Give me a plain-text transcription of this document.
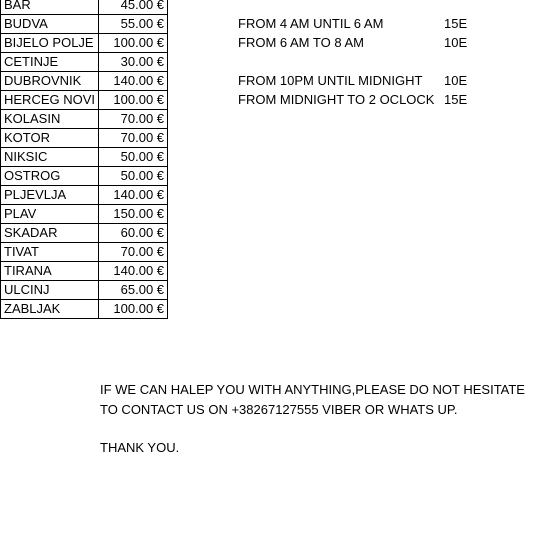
BAR	45.00 €
BUDVA	55.00 €
BIJELO POLJE	100.00 €
CETINJE	30.00 €
DUBROVNIK	140.00 €
HERCEG NOVI	100.00 €
KOLASIN	70.00 €
KOTOR	70.00 €
NIKSIC	50.00 €
OSTROG	50.00 €
PLJEVLJA	140.00 €
PLAV	150.00 €
SKADAR	60.00 €
TIVAT	70.00 €
TIRANA	140.00 €
ULCINJ	65.00 €
ZABLJAK	100.00 €
FROM 4 AM UNTIL 6 AM	15E
FROM 6 AM TO 8 AM	10E
FROM 10PM UNTIL MIDNIGHT 10E
FROM MIDNIGHT TO 2 OCLOCK 15E
IF WE CAN HALEP YOU WITH ANYTHING,PLEASE DO NOT HESITATE TO CONTACT US ON +38267127555 VIBER OR WHATS UP.
THANK YOU.
